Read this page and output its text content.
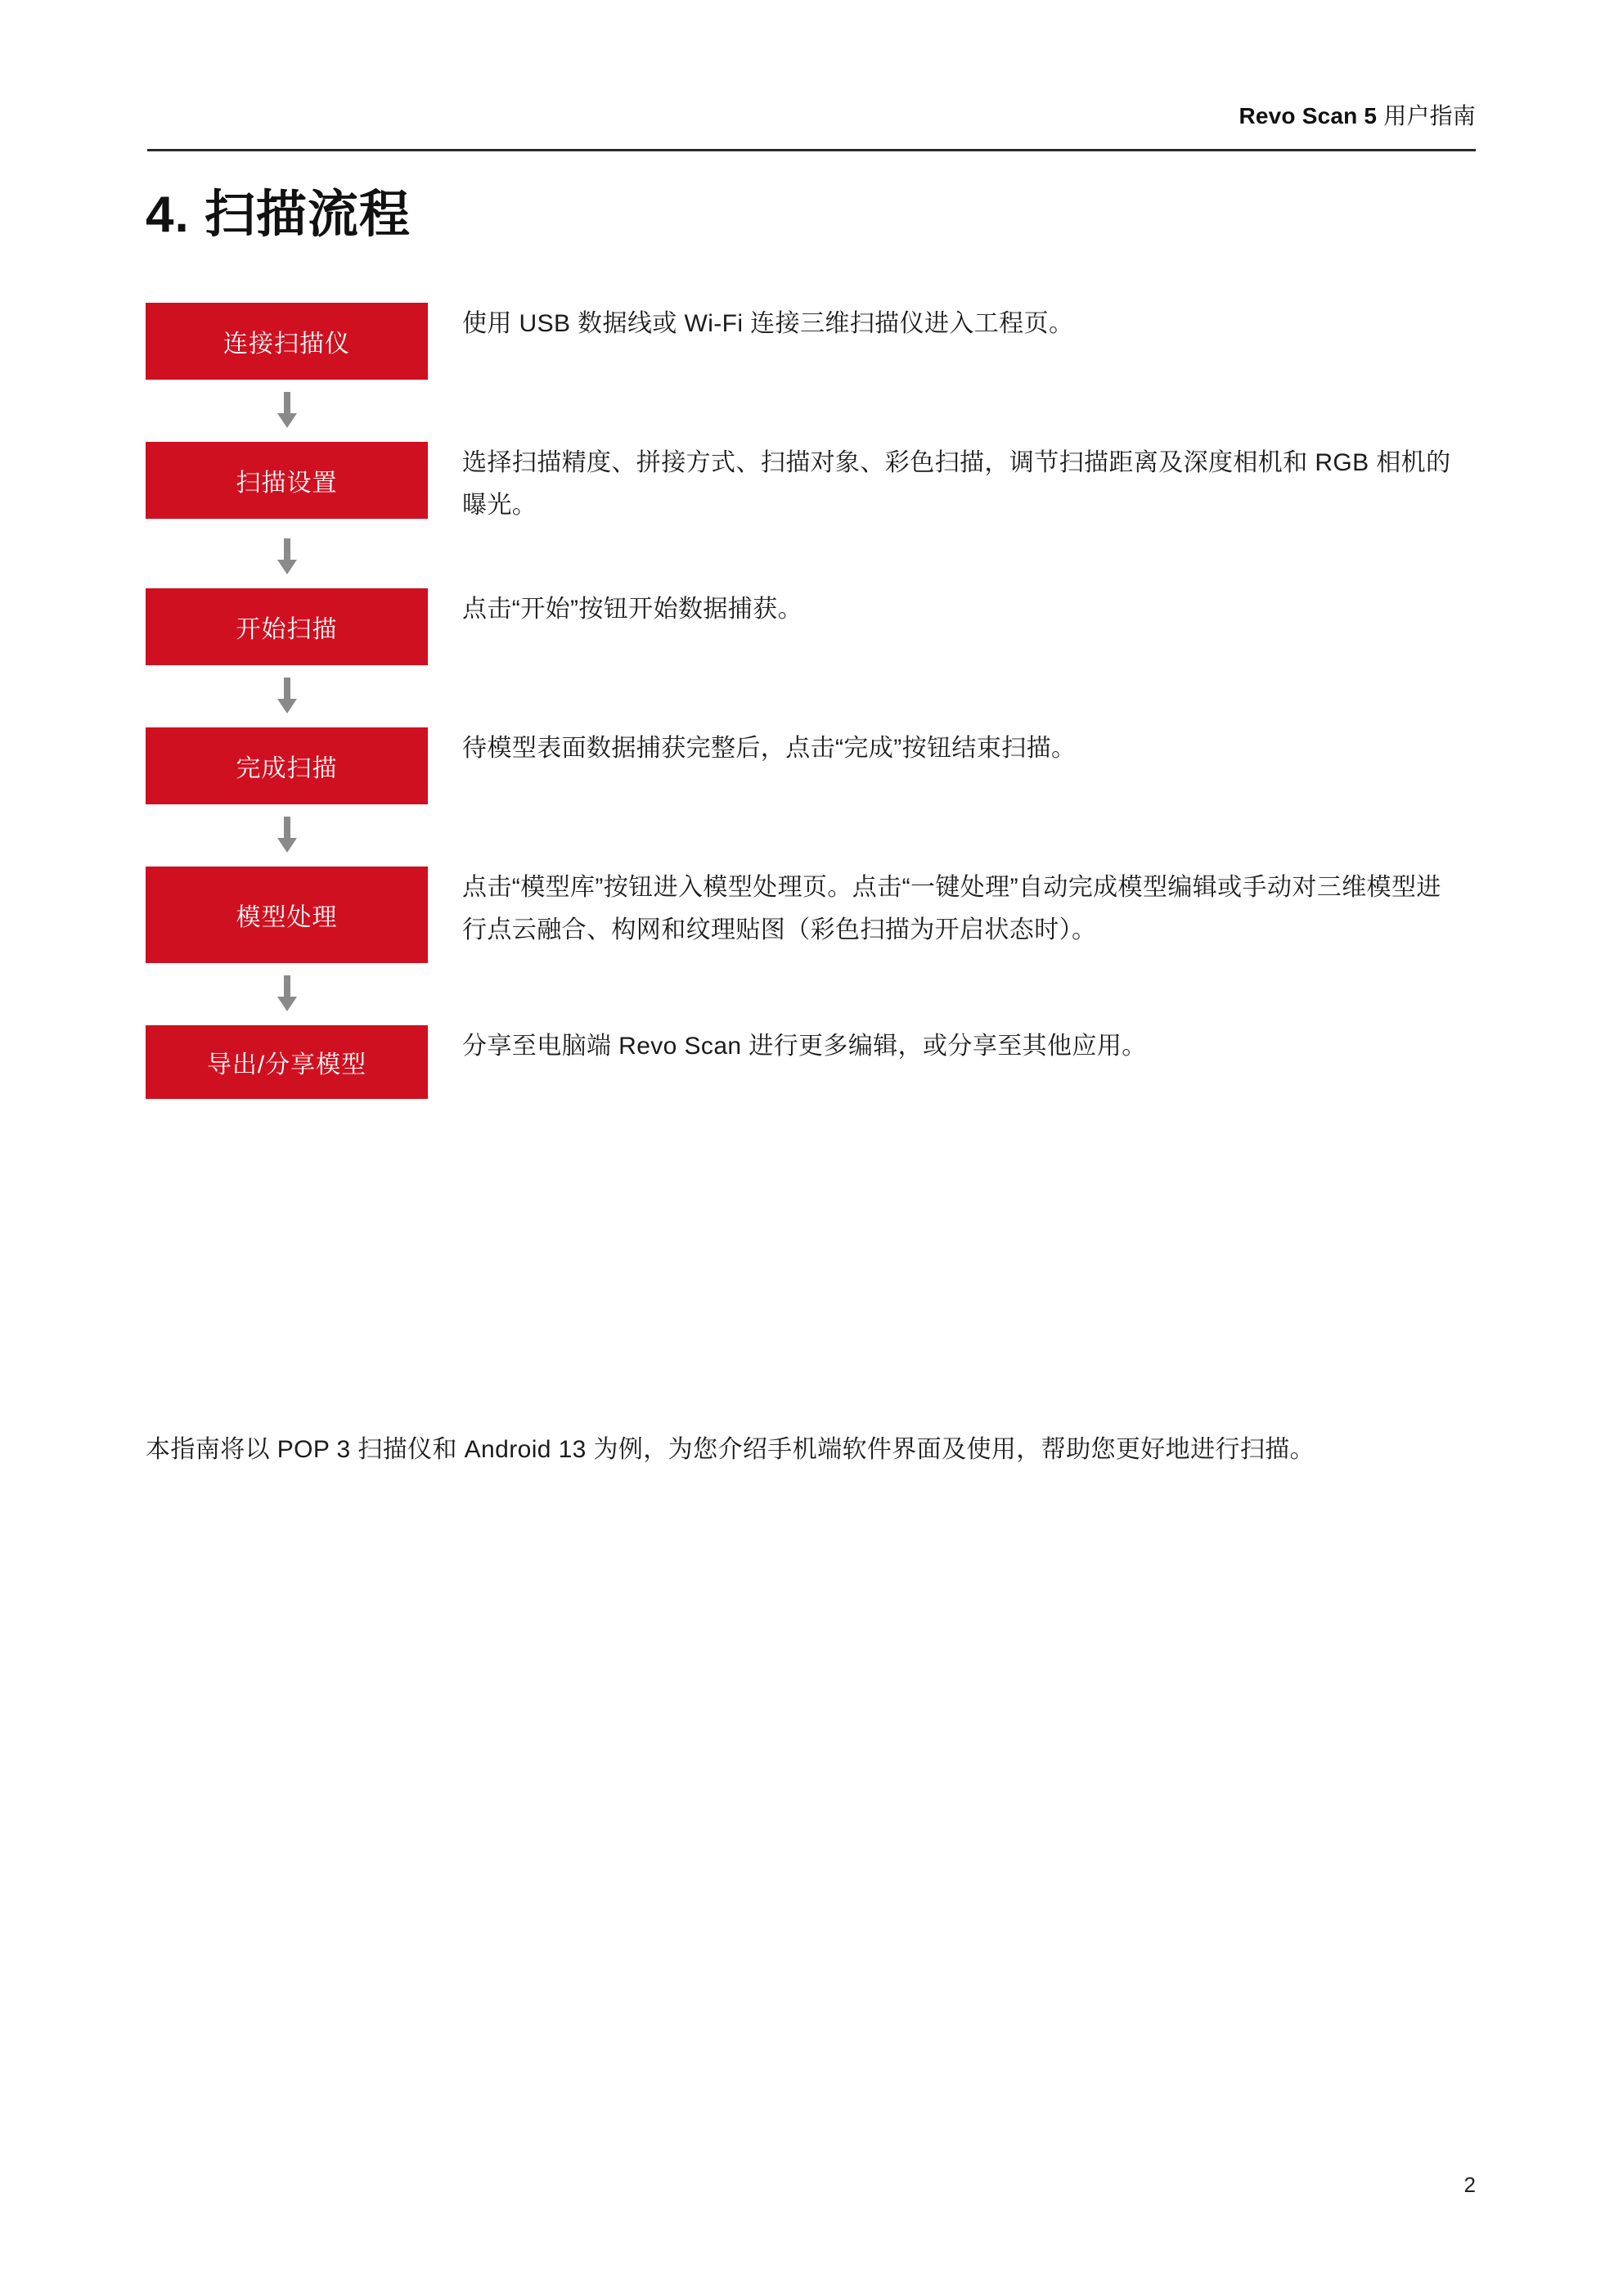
Revo Scan 5 用户指南
4. 扫描流程
连接扫描仪
使用 USB 数据线或 Wi-Fi 连接三维扫描仪进入工程页。
扫描设置
选择扫描精度、拼接方式、扫描对象、彩色扫描，调节扫描距离及深度相机和 RGB 相机的曝光。
开始扫描
点击“开始”按钮开始数据捕获。
完成扫描
待模型表面数据捕获完整后，点击“完成”按钮结束扫描。
模型处理
点击“模型库”按钮进入模型处理页。点击“一键处理”自动完成模型编辑或手动对三维模型进行点云融合、构网和纹理贴图（彩色扫描为开启状态时）。
导出/分享模型
分享至电脑端 Revo Scan 进行更多编辑，或分享至其他应用。
本指南将以 POP 3 扫描仪和 Android 13 为例，为您介绍手机端软件界面及使用，帮助您更好地进行扫描。
2
